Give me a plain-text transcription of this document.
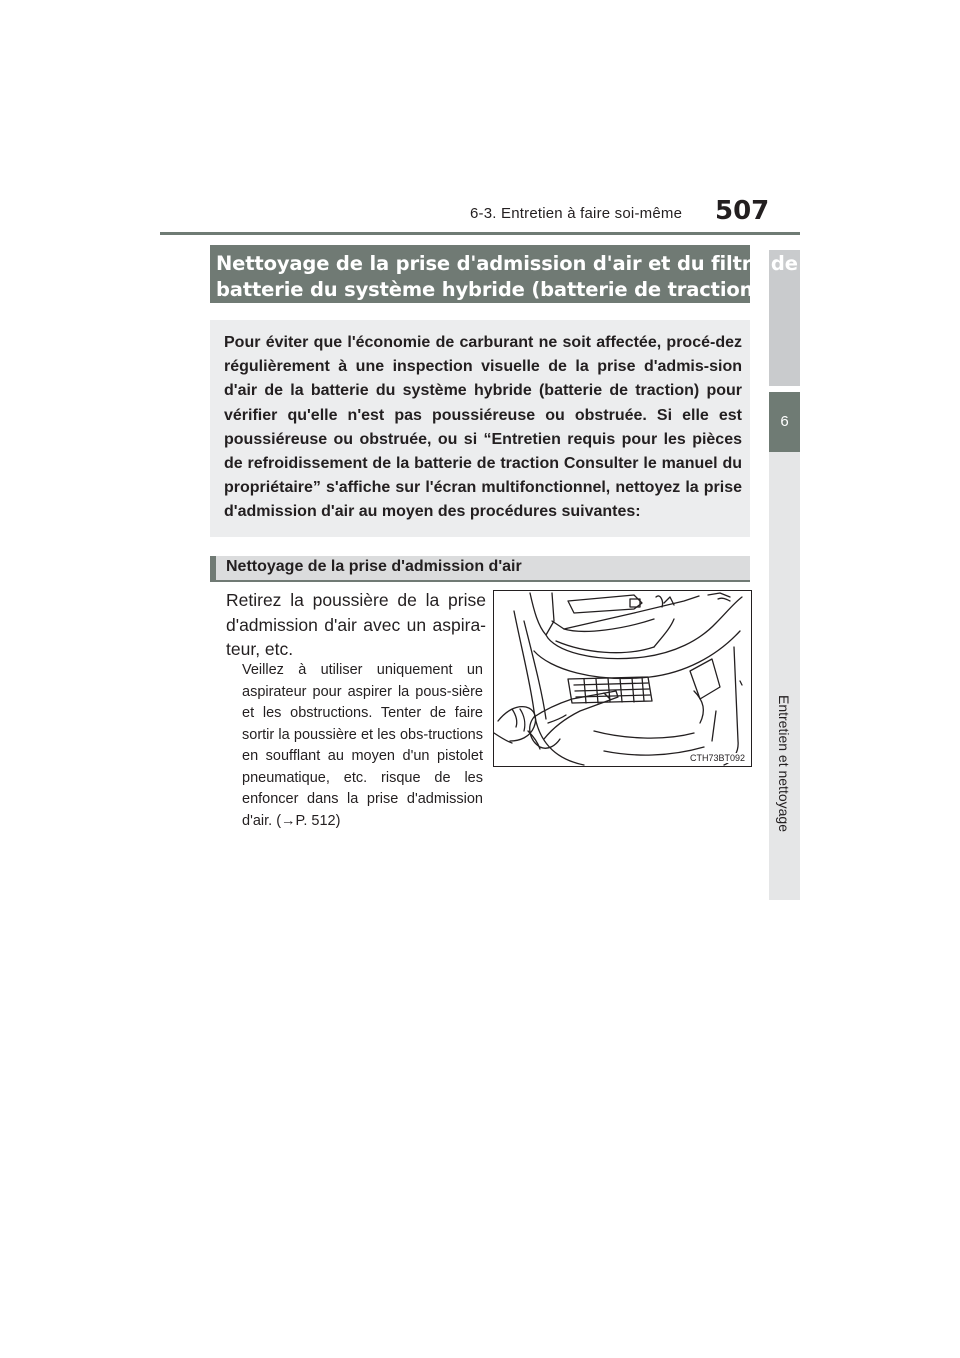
6-3. Entretien à faire soi-même 507
6
Entretien et nettoyage
Nettoyage de la prise d'admission d'air et du filtre de la
batterie du système hybride (batterie de traction)
Pour éviter que l'économie de carburant ne soit affectée, procé-dez régulièrement à une inspection visuelle de la prise d'admis-sion d'air de la batterie du système hybride (batterie de traction) pour vérifier qu'elle n'est pas poussiéreuse ou obstruée. Si elle est poussiéreuse ou obstruée, ou si “Entretien requis pour les pièces de refroidissement de la batterie de traction Consulter le manuel du propriétaire” s'affiche sur l'écran multifonctionnel, nettoyez la prise d'admission d'air au moyen des procédures suivantes:
Nettoyage de la prise d'admission d'air
Retirez la poussière de la prise d'admission d'air avec un aspira-teur, etc.
Veillez à utiliser uniquement un aspirateur pour aspirer la pous-sière et les obstructions. Tenter de faire sortir la poussière et les obs-tructions en soufflant au moyen d'un pistolet pneumatique, etc. risque de les enfoncer dans la prise d'admission d'air. (→P. 512)
CTH73BT092
